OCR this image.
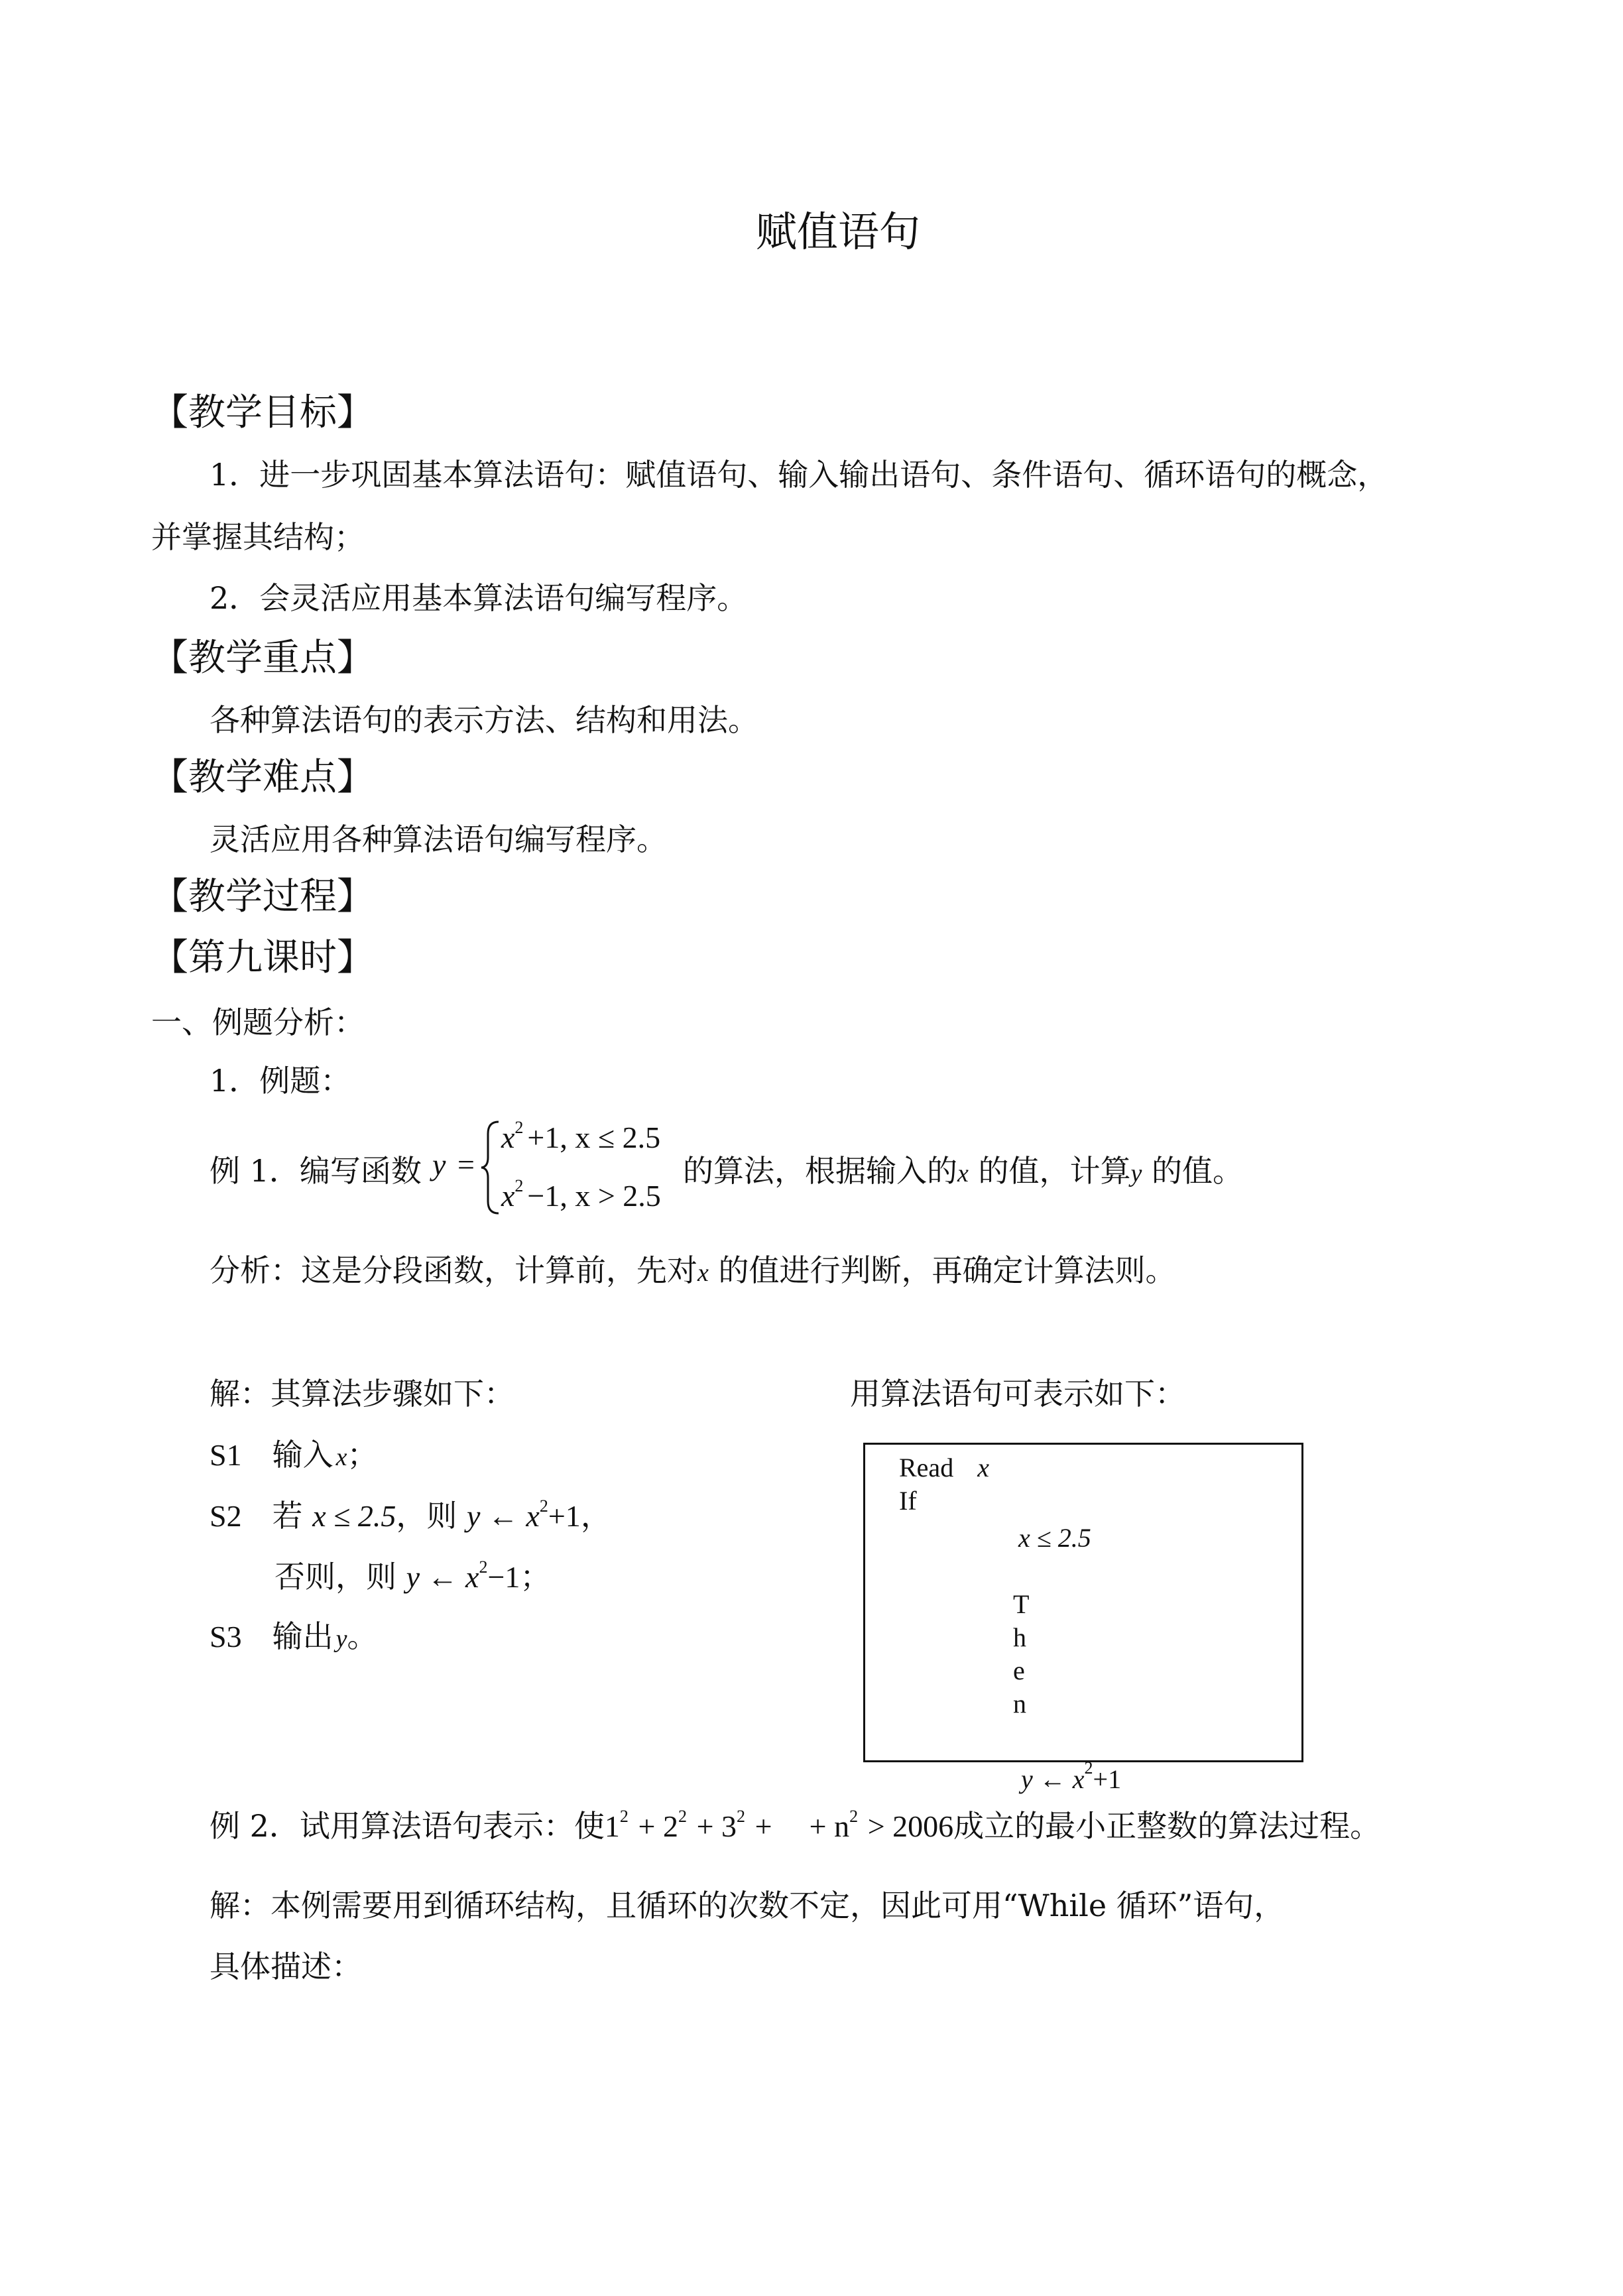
赋值语句
【教学目标】
1．进一步巩固基本算法语句：赋值语句、输入输出语句、条件语句、循环语句的概念，
并掌握其结构；
2．会灵活应用基本算法语句编写程序。
【教学重点】
各种算法语句的表示方法、结构和用法。
【教学难点】
灵活应用各种算法语句编写程序。
【教学过程】
【第九课时】
一、例题分析：
1．例题：
例 1．编写函数 y =
$x^2 +1$, x ≤ 2.5
$x^2 -1$, x > 2.5
的算法，根据输入的x 的值，计算y 的值。
分析：这是分段函数，计算前，先对x 的值进行判断，再确定计算法则。
解：其算法步骤如下：	用算法语句可表示如下：
S1 输入 x；
S2 若 x ≤ 2.5，则 y ← $x^2+1$，
否则，则 y ← $x^2-1$；
S3 输出 y。
Read x
If
x ≤ 2.5
T
h
e
n
y ← $x^2+1$
例 2．试用算法语句表示：使$1^2 + 2^2 + 3^2$ + + $n^2 > 2006$成立的最小正整数的算法过程。
解：本例需要用到循环结构，且循环的次数不定，因此可用“While 循环”语句，
具体描述：
